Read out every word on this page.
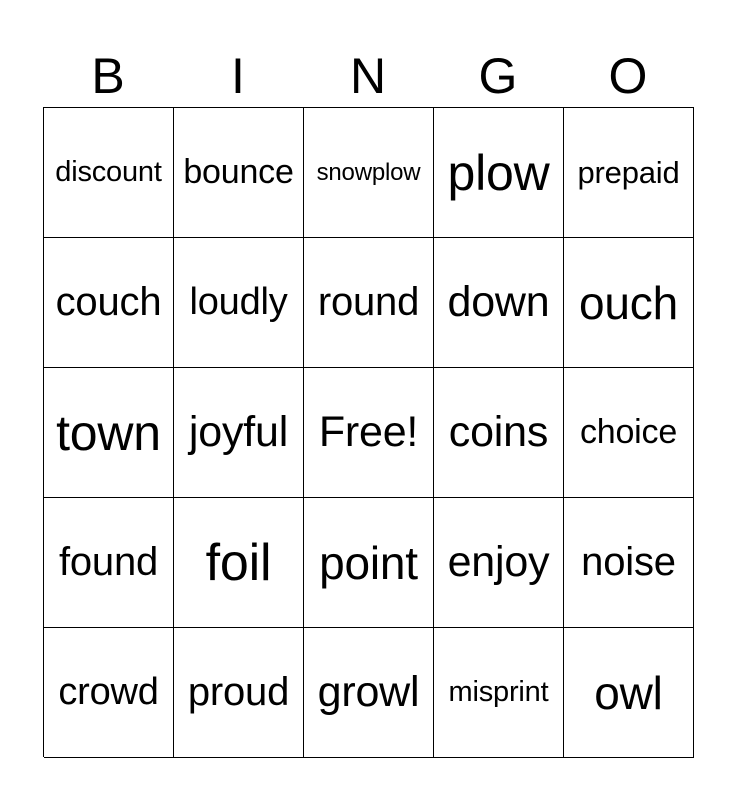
B	I	N	G	O
discount bounce snowplow plow prepaid
couch loudly round down ouch
town joyful Free! coins choice
found foil	point enjoy noise
crowd proud growl	misprint owl
